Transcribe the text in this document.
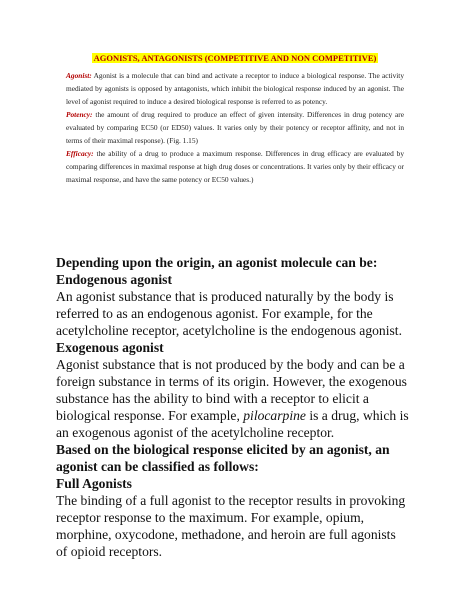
AGONISTS, ANTAGONISTS (COMPETITIVE AND NON COMPETITIVE)

Agonist: Agonist is a molecule that can bind and activate a receptor to induce a biological response. The activity mediated by agonists is opposed by antagonists, which inhibit the biological response induced by an agonist. The level of agonist required to induce a desired biological response is referred to as potency.

Potency: the amount of drug required to produce an effect of given intensity. Differences in drug potency are evaluated by comparing EC50 (or ED50) values. It varies only by their potency or receptor affinity, and not in terms of their maximal response). (Fig. 1.15)

Efficacy: the ability of a drug to produce a maximum response. Differences in drug efficacy are evaluated by comparing differences in maximal response at high drug doses or concentrations. It varies only by their efficacy or maximal response, and have the same potency or EC50 values.)

Depending upon the origin, an agonist molecule can be:
Endogenous agonist
An agonist substance that is produced naturally by the body is
referred to as an endogenous agonist. For example, for the
acetylcholine receptor, acetylcholine is the endogenous agonist.
Exogenous agonist
Agonist substance that is not produced by the body and can be a
foreign substance in terms of its origin. However, the exogenous
substance has the ability to bind with a receptor to elicit a
biological response. For example, pilocarpine is a drug, which is
an exogenous agonist of the acetylcholine receptor.
Based on the biological response elicited by an agonist, an
agonist can be classified as follows:
Full Agonists
The binding of a full agonist to the receptor results in provoking
receptor response to the maximum. For example, opium,
morphine, oxycodone, methadone, and heroin are full agonists
of opioid receptors.
